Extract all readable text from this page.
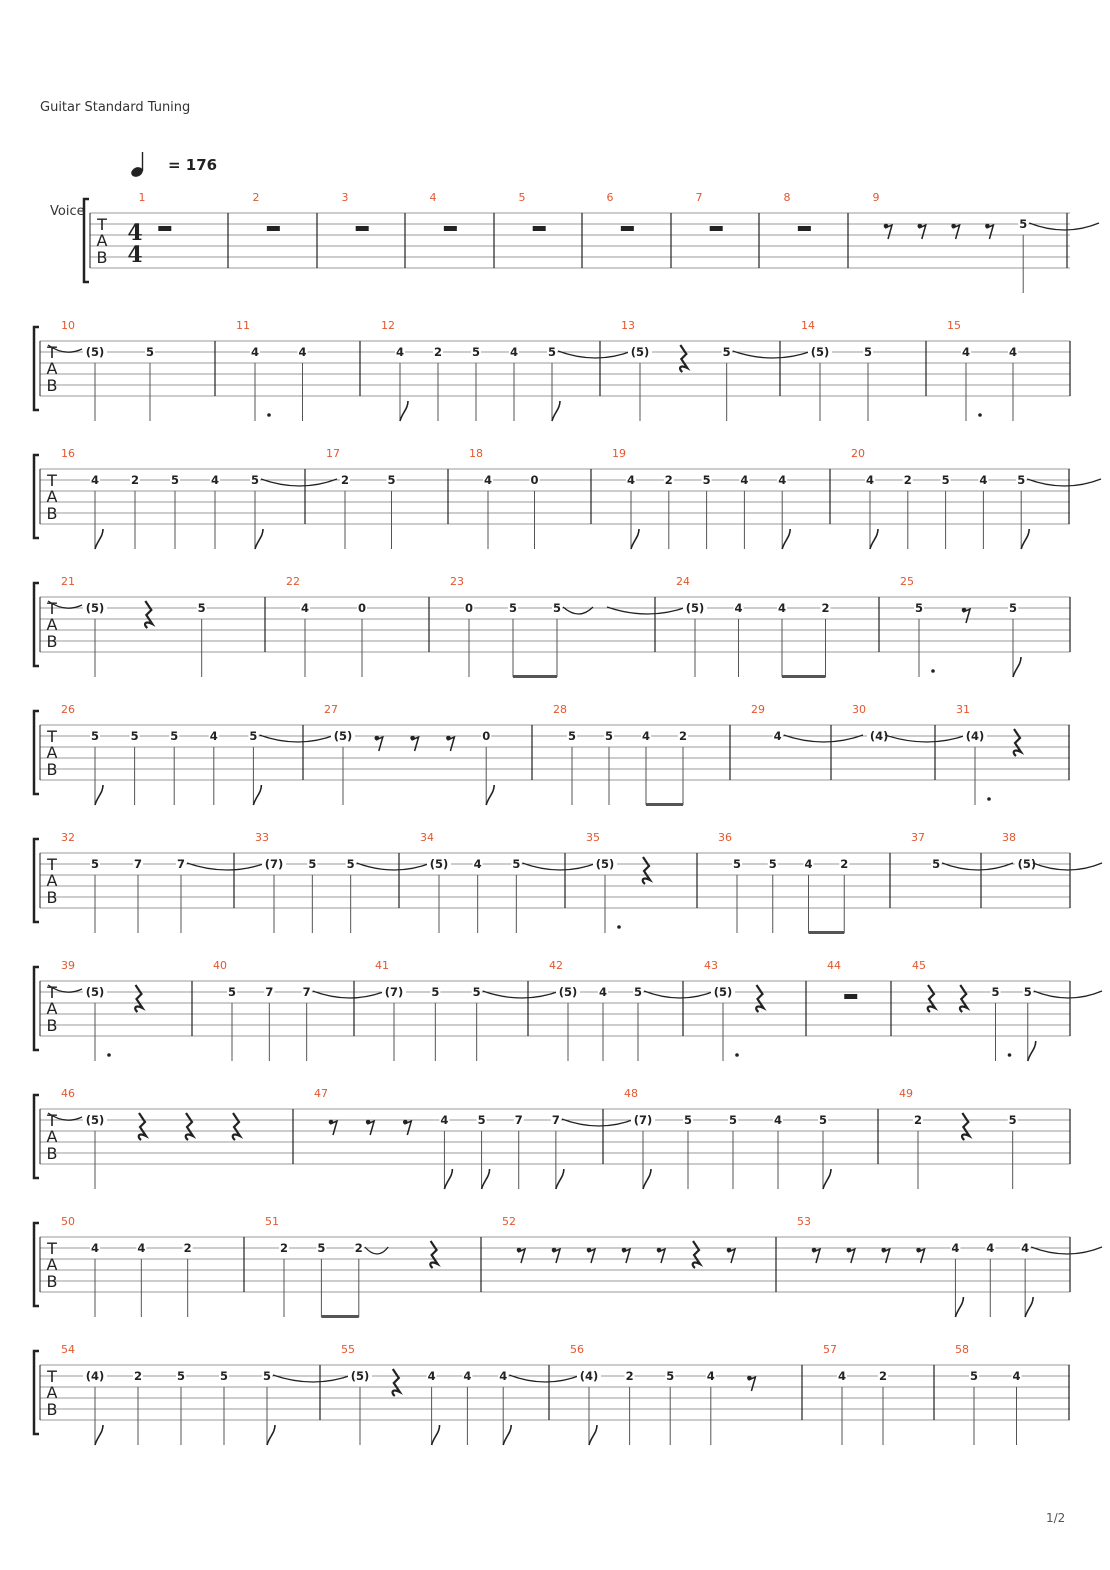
Guitar Standard Tuning
= 176
Voice
T
A
B
4
4
1	2	3	4	5	6	7	8	9
5
T
A
B
10
(5)	5
11
4	4
12
4	2	5	4	5
13
(5)	5
14
(5)	5
15
4	4
T
A
B
16
4	2	5	4	5
17
2	5
18
4	0
19
4	2	5	4	4
20
4	2	5	4	5
T
A
B
21
(5)	5
22
4	0
23
0	5	5
24
(5)	4	4	2
25
5	5
T
A
B
26
5	5	5	4	5
27
(5)	0
28
5	5	4	2
29
4
30
(4)
31
(4)
T
A
B
32
5	7	7
33
(7) 5	5
34
(5) 4	5
35
(5)
36
5 5 4 2
37
5
38
(5)
T
A
B
39
(5)
40
5	7	7
41
(7) 5	5
42
(5) 4 5
43
(5)
44	45
5 5
T
A
B
46
(5)
47
4	5	7	7
48
(7)	5	5	4	5
49
2	5
T
A
B
50
4	4	2
51
2	5	2
52	53
4 4 4
T
A
B
54
(4)	2	5	5	5
55
(5)	4 4 4
56
(4) 2	5	4
57
4	2
58
5	4
1/2
